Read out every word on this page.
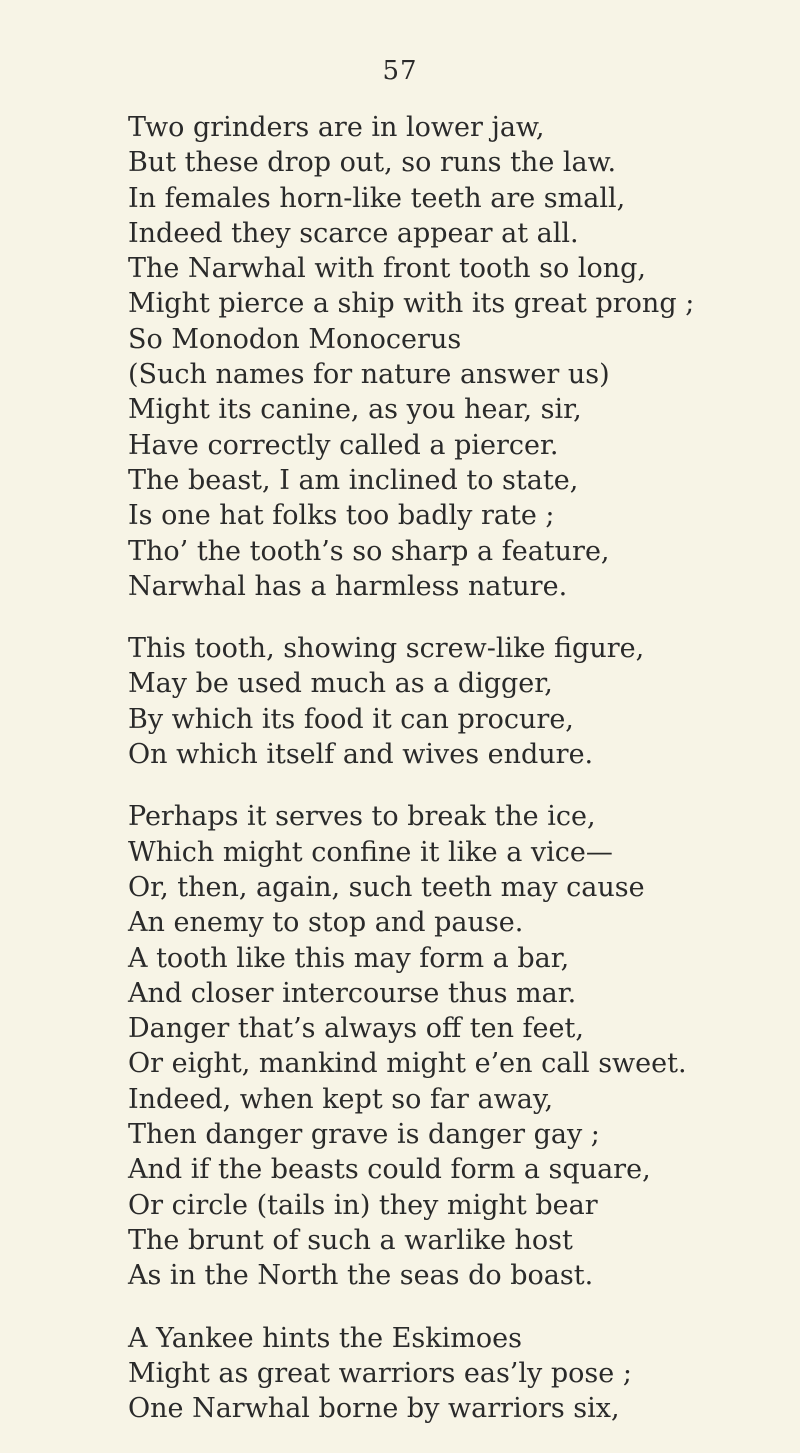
57
Two grinders are in lower jaw,
But these drop out, so runs the law.
In females horn-like teeth are small,
Indeed they scarce appear at all.
The Narwhal with front tooth so long,
Might pierce a ship with its great prong ;
So Monodon Monocerus
(Such names for nature answer us)
Might its canine, as you hear, sir,
Have correctly called a piercer.
The beast, I am inclined to state,
Is one hat folks too badly rate ;
Tho’ the tooth’s so sharp a feature,
Narwhal has a harmless nature.
This tooth, showing screw-like figure,
May be used much as a digger,
By which its food it can procure,
On which itself and wives endure.
Perhaps it serves to break the ice,
Which might confine it like a vice—
Or, then, again, such teeth may cause
An enemy to stop and pause.
A tooth like this may form a bar,
And closer intercourse thus mar.
Danger that’s always off ten feet,
Or eight, mankind might e’en call sweet.
Indeed, when kept so far away,
Then danger grave is danger gay ;
And if the beasts could form a square,
Or circle (tails in) they might bear
The brunt of such a warlike host
As in the North the seas do boast.
A Yankee hints the Eskimoes
Might as great warriors eas’ly pose ;
One Narwhal borne by warriors six,
